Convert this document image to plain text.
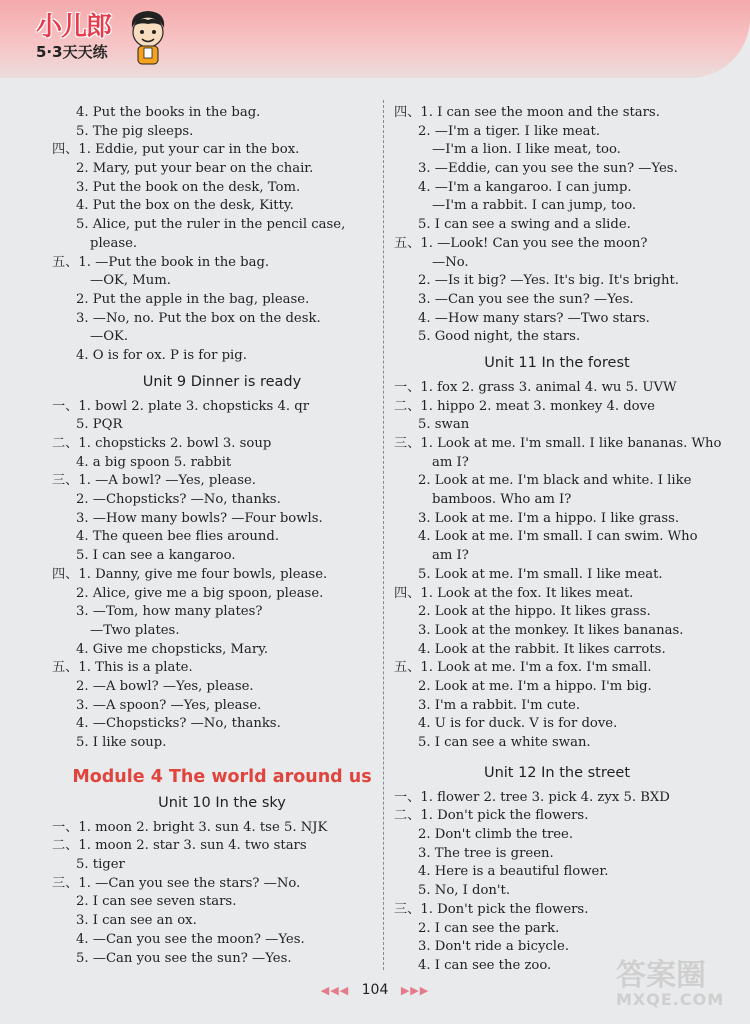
小儿郎
5·3天天练
4. Put the books in the bag.
5. The pig sleeps.
四、1. Eddie, put your car in the box.
2. Mary, put your bear on the chair.
3. Put the book on the desk, Tom.
4. Put the box on the desk, Kitty.
5. Alice, put the ruler in the pencil case,
please.
五、1. —Put the book in the bag.
—OK, Mum.
2. Put the apple in the bag, please.
3. —No, no. Put the box on the desk.
—OK.
4. O is for ox. P is for pig.
Unit 9 Dinner is ready
一、1. bowl 2. plate 3. chopsticks 4. qr
5. PQR
二、1. chopsticks 2. bowl 3. soup
4. a big spoon 5. rabbit
三、1. —A bowl? —Yes, please.
2. —Chopsticks? —No, thanks.
3. —How many bowls? —Four bowls.
4. The queen bee flies around.
5. I can see a kangaroo.
四、1. Danny, give me four bowls, please.
2. Alice, give me a big spoon, please.
3. —Tom, how many plates?
—Two plates.
4. Give me chopsticks, Mary.
五、1. This is a plate.
2. —A bowl? —Yes, please.
3. —A spoon? —Yes, please.
4. —Chopsticks? —No, thanks.
5. I like soup.
Module 4 The world around us
Unit 10 In the sky
一、1. moon 2. bright 3. sun 4. tse 5. NJK
二、1. moon 2. star 3. sun 4. two stars
5. tiger
三、1. —Can you see the stars? —No.
2. I can see seven stars.
3. I can see an ox.
4. —Can you see the moon? —Yes.
5. —Can you see the sun? —Yes.
四、1. I can see the moon and the stars.
2. —I'm a tiger. I like meat.
—I'm a lion. I like meat, too.
3. —Eddie, can you see the sun? —Yes.
4. —I'm a kangaroo. I can jump.
—I'm a rabbit. I can jump, too.
5. I can see a swing and a slide.
五、1. —Look! Can you see the moon?
—No.
2. —Is it big? —Yes. It's big. It's bright.
3. —Can you see the sun? —Yes.
4. —How many stars? —Two stars.
5. Good night, the stars.
Unit 11 In the forest
一、1. fox 2. grass 3. animal 4. wu 5. UVW
二、1. hippo 2. meat 3. monkey 4. dove
5. swan
三、1. Look at me. I'm small. I like bananas. Who
am I?
2. Look at me. I'm black and white. I like
bamboos. Who am I?
3. Look at me. I'm a hippo. I like grass.
4. Look at me. I'm small. I can swim. Who
am I?
5. Look at me. I'm small. I like meat.
四、1. Look at the fox. It likes meat.
2. Look at the hippo. It likes grass.
3. Look at the monkey. It likes bananas.
4. Look at the rabbit. It likes carrots.
五、1. Look at me. I'm a fox. I'm small.
2. Look at me. I'm a hippo. I'm big.
3. I'm a rabbit. I'm cute.
4. U is for duck. V is for dove.
5. I can see a white swan.
Unit 12 In the street
一、1. flower 2. tree 3. pick 4. zyx 5. BXD
二、1. Don't pick the flowers.
2. Don't climb the tree.
3. The tree is green.
4. Here is a beautiful flower.
5. No, I don't.
三、1. Don't pick the flowers.
2. I can see the park.
3. Don't ride a bicycle.
4. I can see the zoo.
◀◀◀ 104 ▶▶▶	答案圈
MXQE.COM
